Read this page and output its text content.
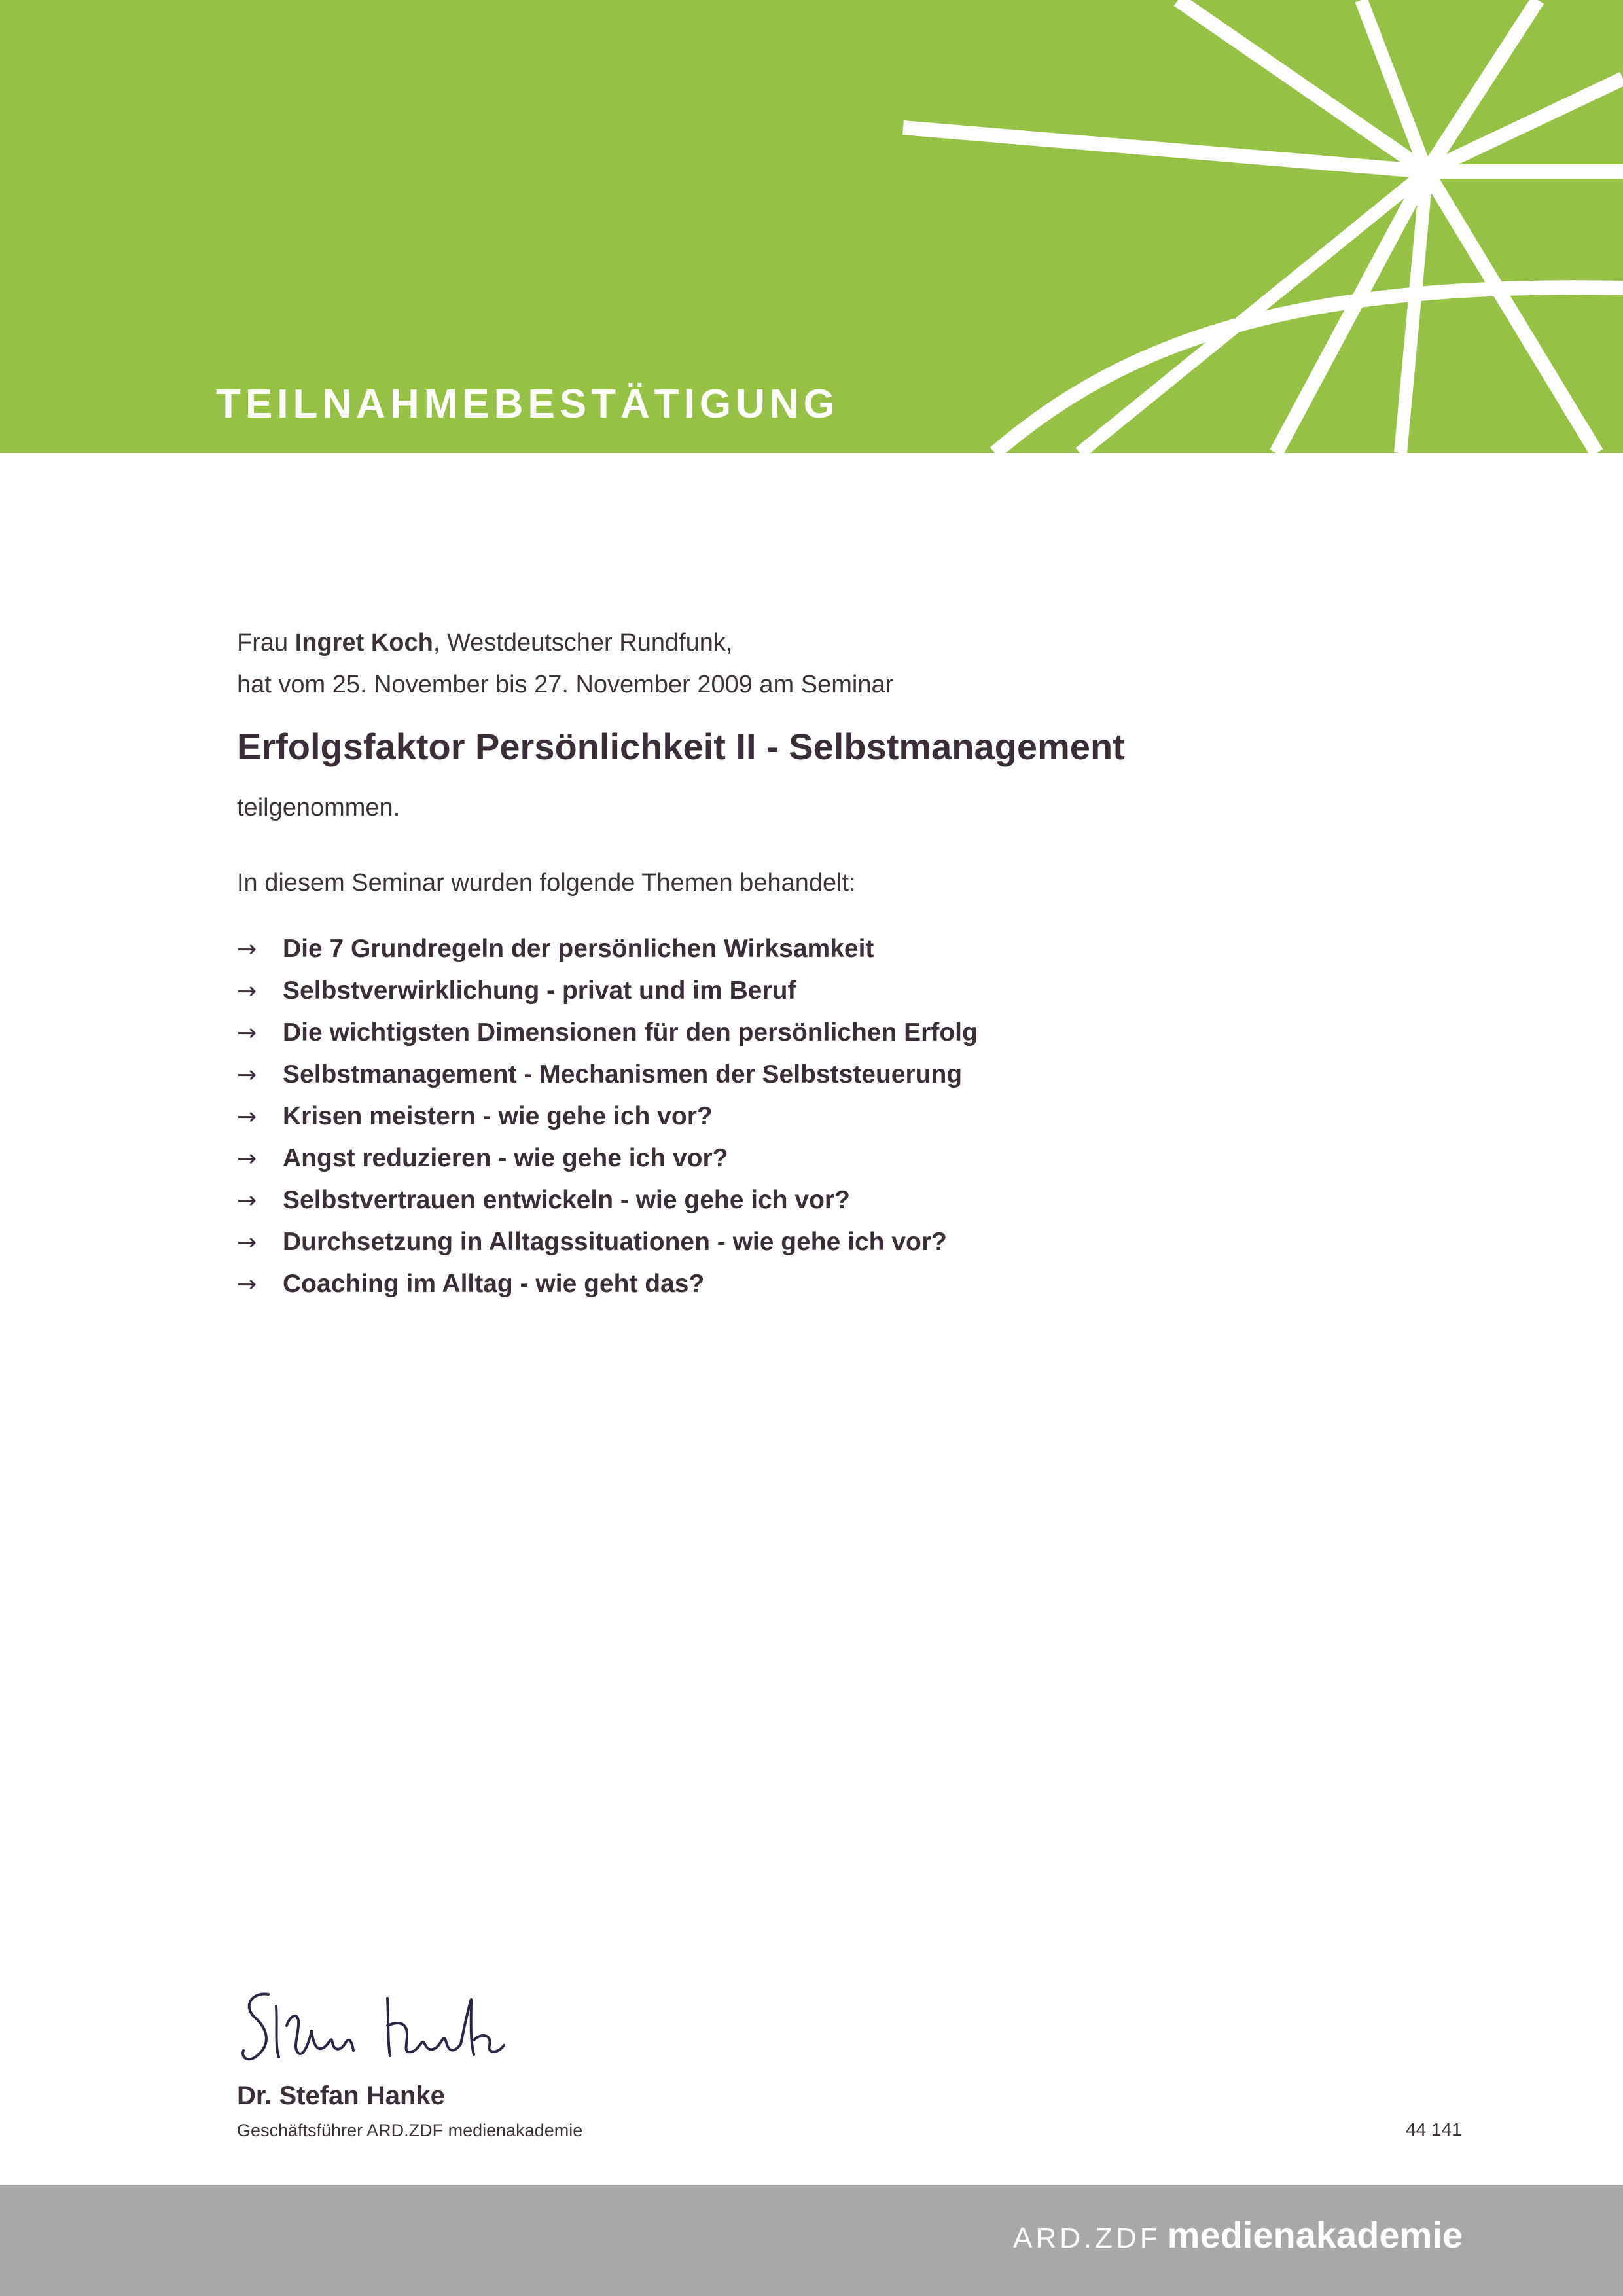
TEILNAHMEBESTÄTIGUNG
Frau Ingret Koch, Westdeutscher Rundfunk,
hat vom 25. November bis 27. November 2009 am Seminar
Erfolgsfaktor Persönlichkeit II - Selbstmanagement
teilgenommen.
In diesem Seminar wurden folgende Themen behandelt:
→	Die 7 Grundregeln der persönlichen Wirksamkeit
→	Selbstverwirklichung - privat und im Beruf
→	Die wichtigsten Dimensionen für den persönlichen Erfolg
→	Selbstmanagement - Mechanismen der Selbststeuerung
→	Krisen meistern - wie gehe ich vor?
→	Angst reduzieren - wie gehe ich vor?
→	Selbstvertrauen entwickeln - wie gehe ich vor?
→	Durchsetzung in Alltagssituationen - wie gehe ich vor?
→	Coaching im Alltag - wie geht das?
Dr. Stefan Hanke
Geschäftsführer ARD.ZDF medienakademie	44 141
ARD.ZDF medienakademie
